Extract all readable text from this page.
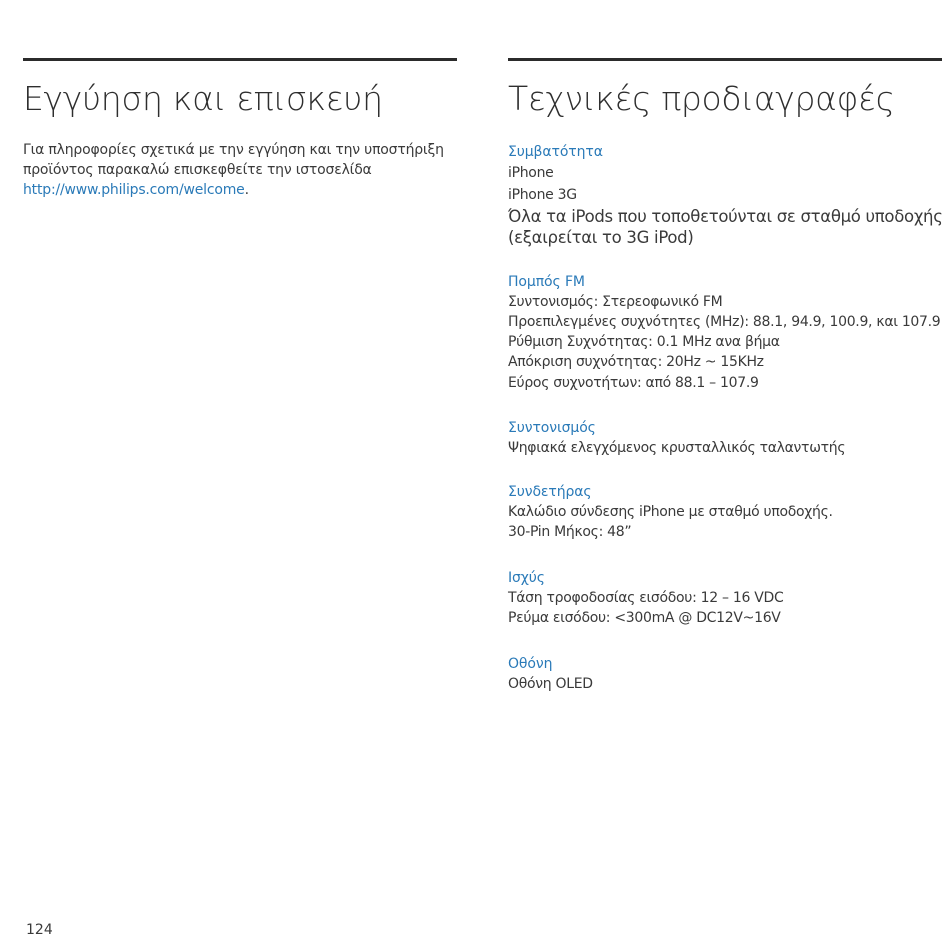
Εγγύηση και επισκευή

Για πληροφορίες σχετικά με την εγγύηση και την υποστήριξη

προϊόντος παρακαλώ επισκεφθείτε την ιστοσελίδα

http://www.philips.com/welcome.

Τεχνικές προδιαγραφές
Συμβατότητα
iPhone
iPhone 3G
Όλα τα iPods που τοποθετούνται σε σταθμό υποδοχής
(εξαιρείται το 3G iPod)
Πομπός FM
Συντονισμός: Στερεοφωνικό FM
Προεπιλεγμένες συχνότητες (MHz): 88.1, 94.9, 100.9, και 107.9
Ρύθμιση Συχνότητας: 0.1 MHz ανα βήμα
Απόκριση συχνότητας: 20Hz ~ 15KHz
Εύρος συχνοτήτων: από 88.1 – 107.9
Συντονισμός
Ψηφιακά ελεγχόμενος κρυσταλλικός ταλαντωτής
Συνδετήρας
Καλώδιο σύνδεσης iPhone με σταθμό υποδοχής.
30-Pin Μήκος: 48”
Ισχύς
Τάση τροφοδοσίας εισόδου: 12 – 16 VDC
Ρεύμα εισόδου: <300mA @ DC12V~16V
Οθόνη
Οθόνη OLED
124
